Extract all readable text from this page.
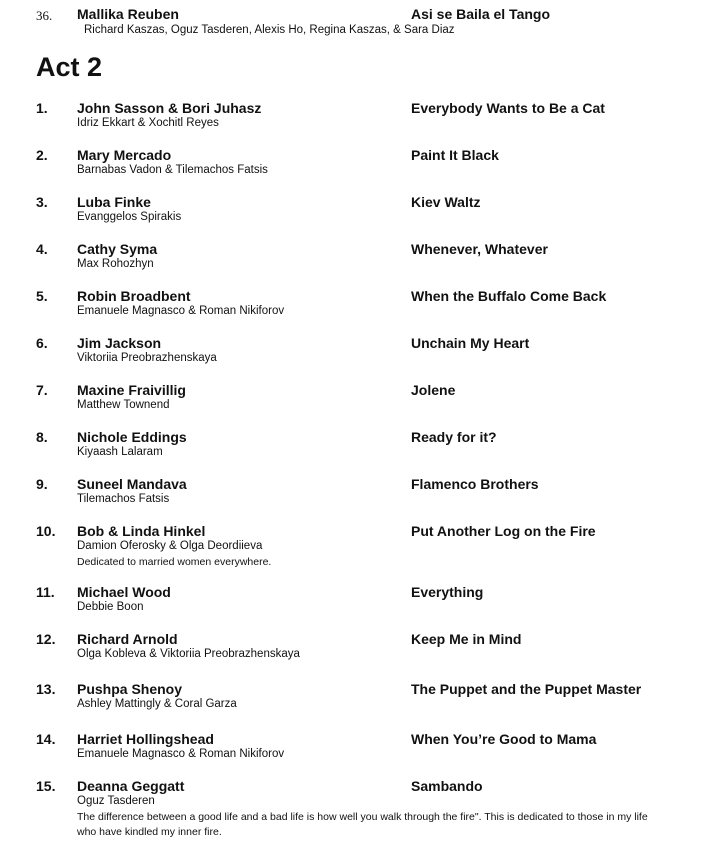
36. Mallika Reuben	Asi se Baila el Tango
Richard Kaszas, Oguz Tasderen, Alexis Ho, Regina Kaszas, & Sara Diaz
Act 2
1. John Sasson & Bori Juhasz	Everybody Wants to Be a Cat
Idriz Ekkart & Xochitl Reyes
2. Mary Mercado	Paint It Black
Barnabas Vadon & Tilemachos Fatsis
3. Luba Finke	Kiev Waltz
Evanggelos Spirakis
4. Cathy Syma	Whenever, Whatever
Max Rohozhyn
5. Robin Broadbent	When the Buffalo Come Back
Emanuele Magnasco & Roman Nikiforov
6. Jim Jackson	Unchain My Heart
Viktoriia Preobrazhenskaya
7. Maxine Fraivillig	Jolene
Matthew Townend
8. Nichole Eddings	Ready for it?
Kiyaash Lalaram
9. Suneel Mandava	Flamenco Brothers
Tilemachos Fatsis
10. Bob & Linda Hinkel	Put Another Log on the Fire
Damion Oferosky & Olga Deordiieva
Dedicated to married women everywhere.
11. Michael Wood	Everything
Debbie Boon
12. Richard Arnold	Keep Me in Mind
Olga Kobleva & Viktoriia Preobrazhenskaya
13. Pushpa Shenoy	The Puppet and the Puppet Master
Ashley Mattingly & Coral Garza
14. Harriet Hollingshead	When You’re Good to Mama
Emanuele Magnasco & Roman Nikiforov
15. Deanna Geggatt	Sambando
Oguz Tasderen
The difference between a good life and a bad life is how well you walk through the fire". This is dedicated to those in my life who have kindled my inner fire.
